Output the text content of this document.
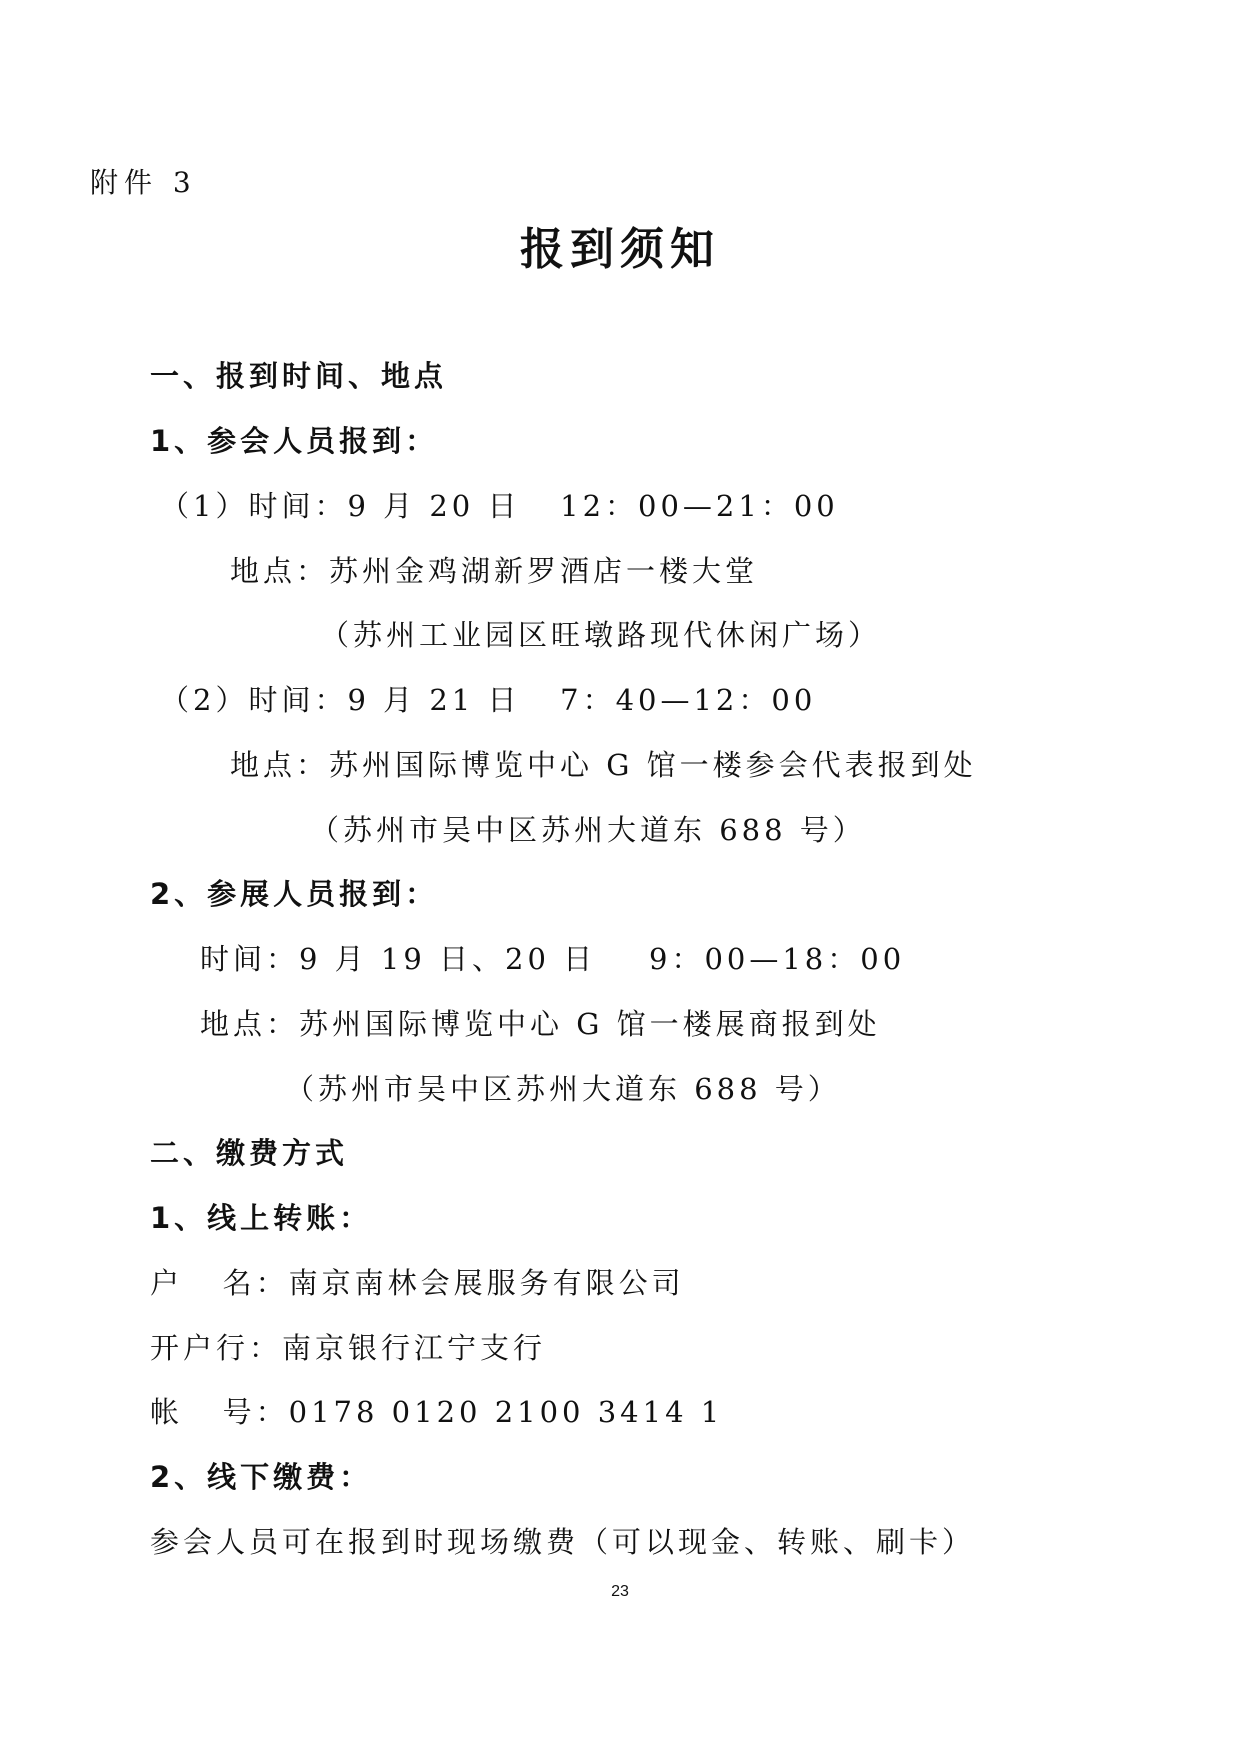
附件 3
报到须知
一、报到时间、地点
1、参会人员报到：
（1）时间：9 月 20 日   12：00—21：00
地点：苏州金鸡湖新罗酒店一楼大堂
（苏州工业园区旺墩路现代休闲广场）
（2）时间：9 月 21 日   7：40—12：00
地点：苏州国际博览中心 G 馆一楼参会代表报到处
（苏州市吴中区苏州大道东 688 号）
2、参展人员报到：
时间：9 月 19 日、20 日    9：00—18：00
地点：苏州国际博览中心 G 馆一楼展商报到处
（苏州市吴中区苏州大道东 688 号）
二、缴费方式
1、线上转账：
户   名：南京南林会展服务有限公司
开户行：南京银行江宁支行
帐   号：0178 0120 2100 3414 1
2、线下缴费：
参会人员可在报到时现场缴费（可以现金、转账、刷卡）
23
